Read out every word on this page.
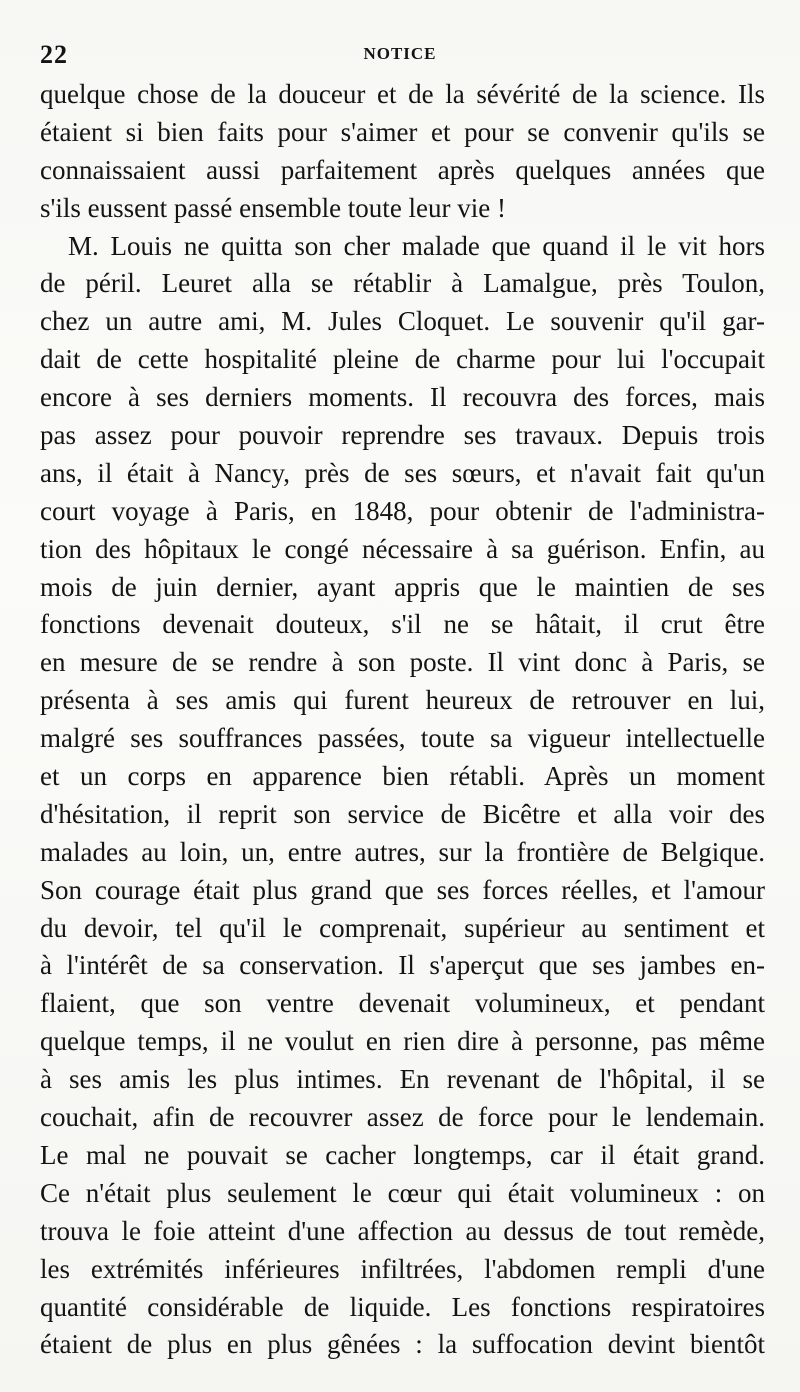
22	NOTICE
quelque chose de la douceur et de la sévérité de la science. Ils
étaient si bien faits pour s'aimer et pour se convenir qu'ils se
connaissaient aussi parfaitement après quelques années que
s'ils eussent passé ensemble toute leur vie !
M. Louis ne quitta son cher malade que quand il le vit hors
de péril. Leuret alla se rétablir à Lamalgue, près Toulon,
chez un autre ami, M. Jules Cloquet. Le souvenir qu'il gar-
dait de cette hospitalité pleine de charme pour lui l'occupait
encore à ses derniers moments. Il recouvra des forces, mais
pas assez pour pouvoir reprendre ses travaux. Depuis trois
ans, il était à Nancy, près de ses sœurs, et n'avait fait qu'un
court voyage à Paris, en 1848, pour obtenir de l'administra-
tion des hôpitaux le congé nécessaire à sa guérison. Enfin, au
mois de juin dernier, ayant appris que le maintien de ses
fonctions devenait douteux, s'il ne se hâtait, il crut être
en mesure de se rendre à son poste. Il vint donc à Paris, se
présenta à ses amis qui furent heureux de retrouver en lui,
malgré ses souffrances passées, toute sa vigueur intellectuelle
et un corps en apparence bien rétabli. Après un moment
d'hésitation, il reprit son service de Bicêtre et alla voir des
malades au loin, un, entre autres, sur la frontière de Belgique.
Son courage était plus grand que ses forces réelles, et l'amour
du devoir, tel qu'il le comprenait, supérieur au sentiment et
à l'intérêt de sa conservation. Il s'aperçut que ses jambes en-
flaient, que son ventre devenait volumineux, et pendant
quelque temps, il ne voulut en rien dire à personne, pas même
à ses amis les plus intimes. En revenant de l'hôpital, il se
couchait, afin de recouvrer assez de force pour le lendemain.
Le mal ne pouvait se cacher longtemps, car il était grand.
Ce n'était plus seulement le cœur qui était volumineux : on
trouva le foie atteint d'une affection au dessus de tout remède,
les extrémités inférieures infiltrées, l'abdomen rempli d'une
quantité considérable de liquide. Les fonctions respiratoires
étaient de plus en plus gênées : la suffocation devint bientôt
